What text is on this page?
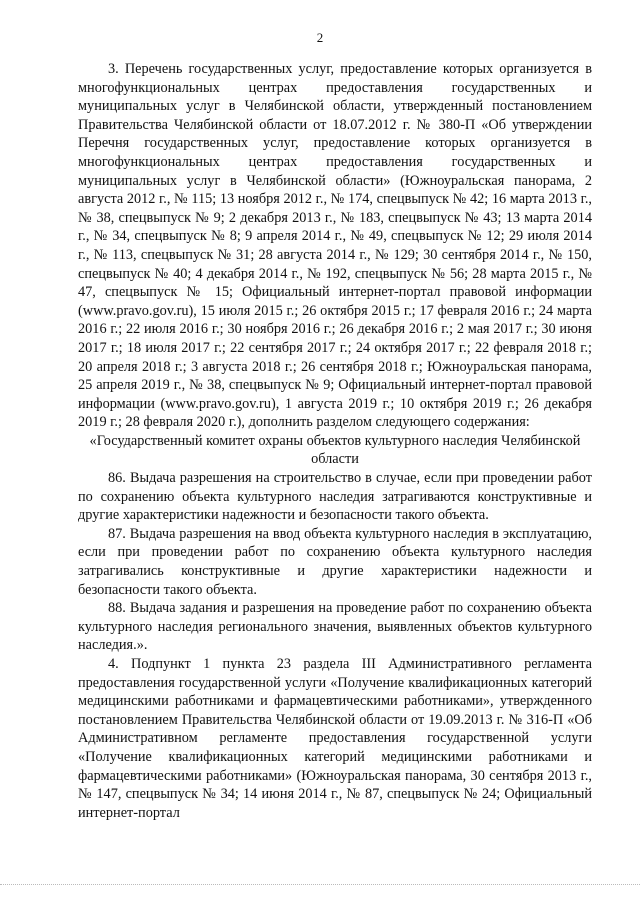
2

3. Перечень государственных услуг, предоставление которых организуется в многофункциональных центрах предоставления государственных и муниципальных услуг в Челябинской области, утвержденный постановлением Правительства Челябинской области от 18.07.2012 г. № 380-П «Об утверждении Перечня государственных услуг, предоставление которых организуется в многофункциональных центрах предоставления государственных и муниципальных услуг в Челябинской области» (Южноуральская панорама, 2 августа 2012 г., № 115; 13 ноября 2012 г., № 174, спецвыпуск № 42; 16 марта 2013 г., № 38, спецвыпуск № 9; 2 декабря 2013 г., № 183, спецвыпуск № 43; 13 марта 2014 г., № 34, спецвыпуск № 8; 9 апреля 2014 г., № 49, спецвыпуск № 12; 29 июля 2014 г., № 113, спецвыпуск № 31; 28 августа 2014 г., № 129; 30 сентября 2014 г., № 150, спецвыпуск № 40; 4 декабря 2014 г., № 192, спецвыпуск № 56; 28 марта 2015 г., № 47, спецвыпуск № 15; Официальный интернет-портал правовой информации (www.pravo.gov.ru), 15 июля 2015 г.; 26 октября 2015 г.; 17 февраля 2016 г.; 24 марта 2016 г.; 22 июля 2016 г.; 30 ноября 2016 г.; 26 декабря 2016 г.; 2 мая 2017 г.; 30 июня 2017 г.; 18 июля 2017 г.; 22 сентября 2017 г.; 24 октября 2017 г.; 22 февраля 2018 г.; 20 апреля 2018 г.; 3 августа 2018 г.; 26 сентября 2018 г.; Южноуральская панорама, 25 апреля 2019 г., № 38, спецвыпуск № 9; Официальный интернет-портал правовой информации (www.pravo.gov.ru), 1 августа 2019 г.; 10 октября 2019 г.; 26 декабря 2019 г.; 28 февраля 2020 г.), дополнить разделом следующего содержания:

«Государственный комитет охраны объектов культурного наследия Челябинской области

86. Выдача разрешения на строительство в случае, если при проведении работ по сохранению объекта культурного наследия затрагиваются конструктивные и другие характеристики надежности и безопасности такого объекта.

87. Выдача разрешения на ввод объекта культурного наследия в эксплуатацию, если при проведении работ по сохранению объекта культурного наследия затрагивались конструктивные и другие характеристики надежности и безопасности такого объекта.

88. Выдача задания и разрешения на проведение работ по сохранению объекта культурного наследия регионального значения, выявленных объектов культурного наследия.».

4. Подпункт 1 пункта 23 раздела III Административного регламента предоставления государственной услуги «Получение квалификационных категорий медицинскими работниками и фармацевтическими работниками», утвержденного постановлением Правительства Челябинской области от 19.09.2013 г. № 316-П «Об Административном регламенте предоставления государственной услуги «Получение квалификационных категорий медицинскими работниками и фармацевтическими работниками» (Южноуральская панорама, 30 сентября 2013 г., № 147, спецвыпуск № 34; 14 июня 2014 г., № 87, спецвыпуск № 24; Официальный интернет-портал
